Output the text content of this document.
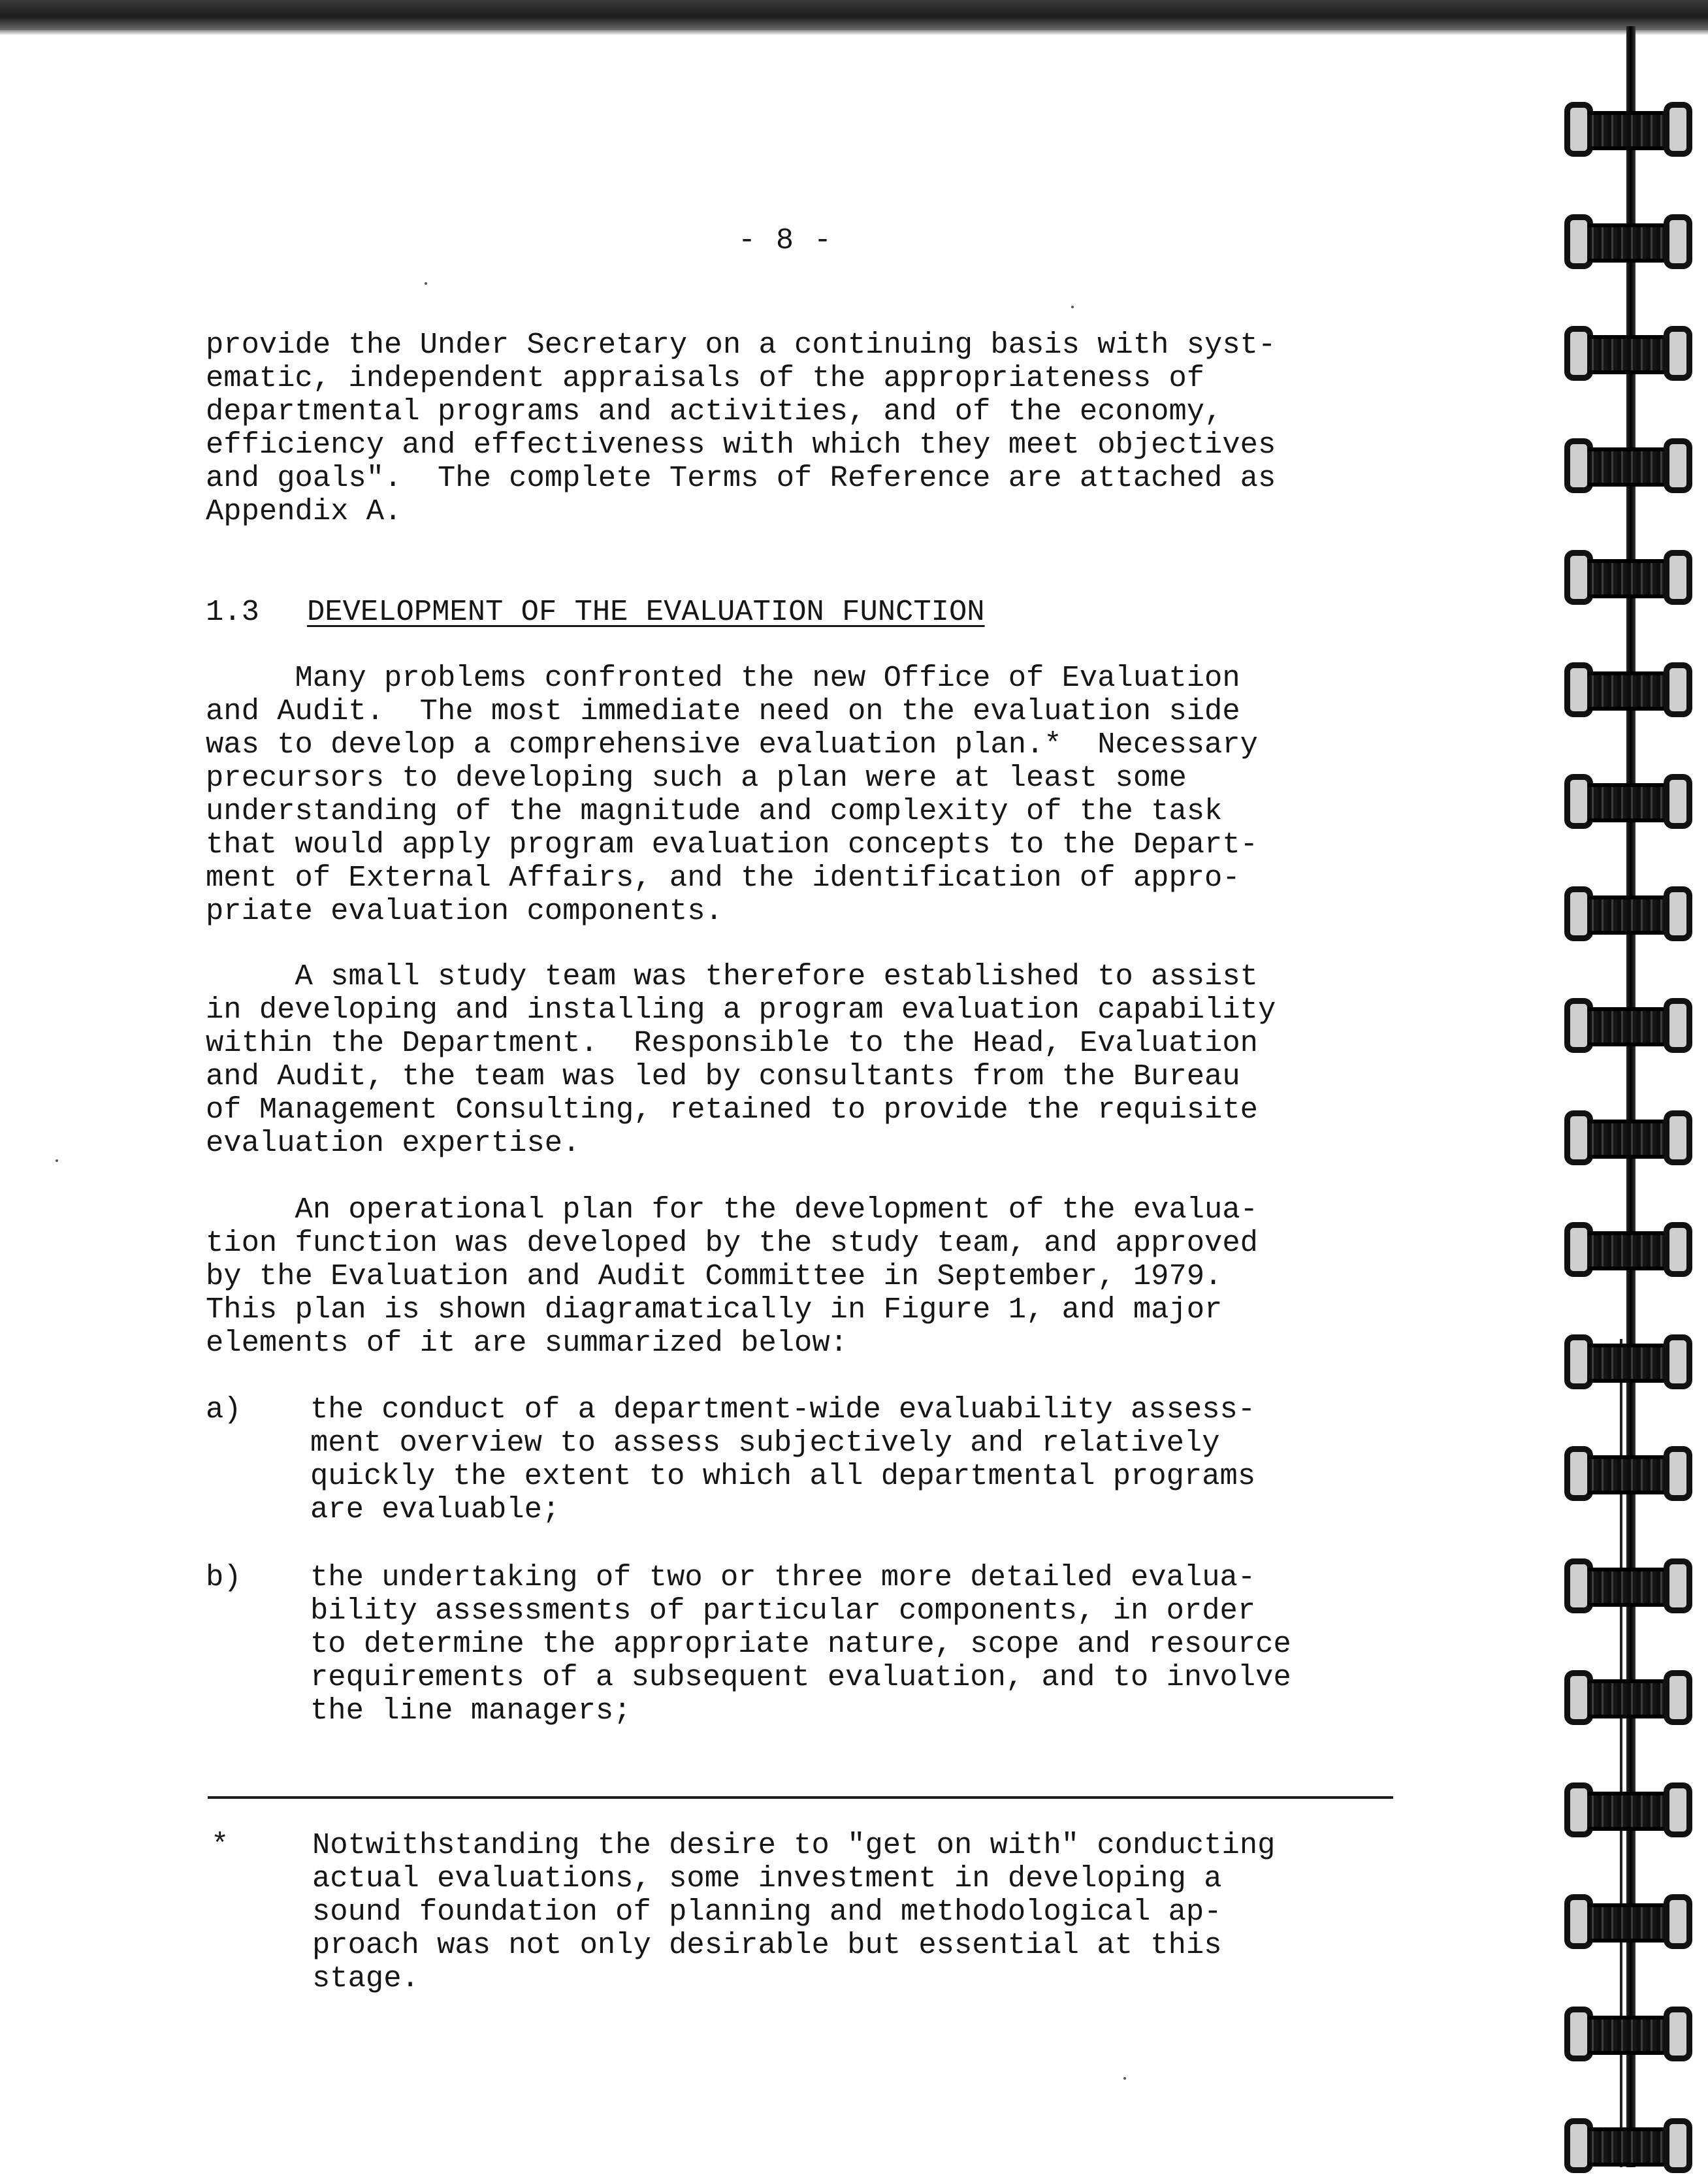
- 8 -
provide the Under Secretary on a continuing basis with syst-
ematic, independent appraisals of the appropriateness of
departmental programs and activities, and of the economy,
efficiency and effectiveness with which they meet objectives
and goals".  The complete Terms of Reference are attached as
Appendix A.
1.3 DEVELOPMENT OF THE EVALUATION FUNCTION
Many problems confronted the new Office of Evaluation
and Audit.  The most immediate need on the evaluation side
was to develop a comprehensive evaluation plan.*  Necessary
precursors to developing such a plan were at least some
understanding of the magnitude and complexity of the task
that would apply program evaluation concepts to the Depart-
ment of External Affairs, and the identification of appro-
priate evaluation components.
A small study team was therefore established to assist
in developing and installing a program evaluation capability
within the Department.  Responsible to the Head, Evaluation
and Audit, the team was led by consultants from the Bureau
of Management Consulting, retained to provide the requisite
evaluation expertise.
An operational plan for the development of the evalua-
tion function was developed by the study team, and approved
by the Evaluation and Audit Committee in September, 1979.
This plan is shown diagramatically in Figure 1, and major
elements of it are summarized below:
a) the conduct of a department-wide evaluability assess-
ment overview to assess subjectively and relatively
quickly the extent to which all departmental programs
are evaluable;
b) the undertaking of two or three more detailed evalua-
bility assessments of particular components, in order
to determine the appropriate nature, scope and resource
requirements of a subsequent evaluation, and to involve
the line managers;
*	Notwithstanding the desire to "get on with" conducting
actual evaluations, some investment in developing a
sound foundation of planning and methodological ap-
proach was not only desirable but essential at this
stage.
